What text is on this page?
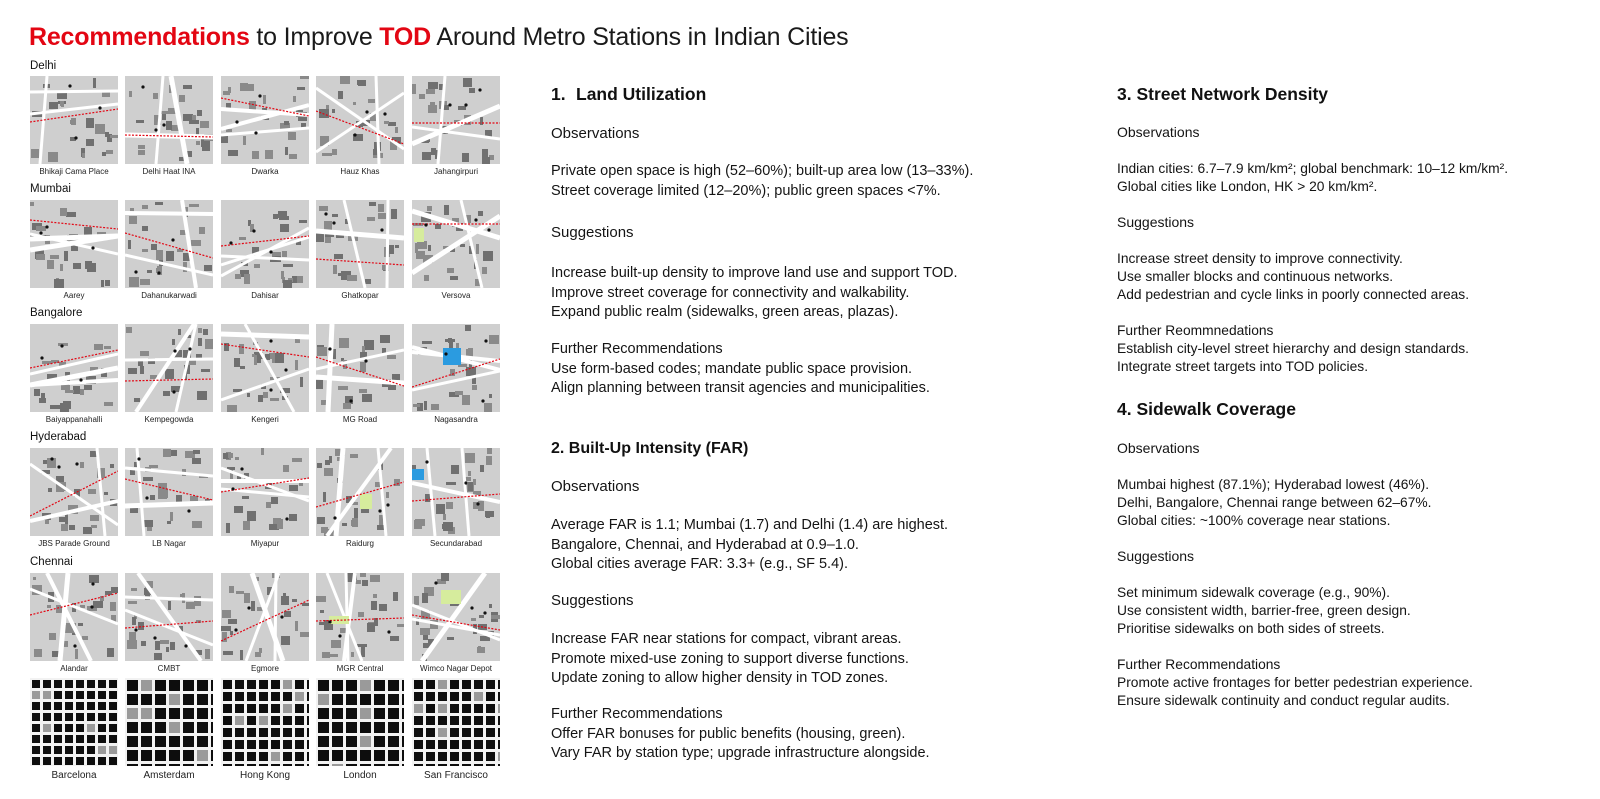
Recommendations to Improve TOD Around Metro Stations in Indian Cities
Delhi
Bhikaji Cama Place	Delhi Haat INA	Dwarka	Hauz Khas	Jahangirpuri
Mumbai
Aarey	Dahanukarwadi	Dahisar	Ghatkopar	Versova
Bangalore
Baiyappanahalli	Kempegowda	Kengeri	MG Road	Nagasandra
Hyderabad
JBS Parade Ground	LB Nagar	Miyapur	Raidurg	Secundarabad
Chennai
Alandar	CMBT	Egmore	MGR Central	Wimco Nagar Depot
Barcelona	Amsterdam	Hong Kong	London	San Francisco
1. Land Utilization
Observations
Private open space is high (52–60%); built-up area low (13–33%).
Street coverage limited (12–20%); public green spaces <7%.
Suggestions
Increase built-up density to improve land use and support TOD.
Improve street coverage for connectivity and walkability.
Expand public realm (sidewalks, green areas, plazas).
Further Recommendations
Use form-based codes; mandate public space provision.
Align planning between transit agencies and municipalities.
2. Built-Up Intensity (FAR)
Observations
Average FAR is 1.1; Mumbai (1.7) and Delhi (1.4) are highest.
Bangalore, Chennai, and Hyderabad at 0.9–1.0.
Global cities average FAR: 3.3+ (e.g., SF 5.4).
Suggestions
Increase FAR near stations for compact, vibrant areas.
Promote mixed-use zoning to support diverse functions.
Update zoning to allow higher density in TOD zones.
Further Recommendations
Offer FAR bonuses for public benefits (housing, green).
Vary FAR by station type; upgrade infrastructure alongside.
3. Street Network Density
Observations
Indian cities: 6.7–7.9 km/km²; global benchmark: 10–12 km/km².
Global cities like London, HK > 20 km/km².
Suggestions
Increase street density to improve connectivity.
Use smaller blocks and continuous networks.
Add pedestrian and cycle links in poorly connected areas.
Further Reommnedations
Establish city-level street hierarchy and design standards.
Integrate street targets into TOD policies.
4. Sidewalk Coverage
Observations
Mumbai highest (87.1%); Hyderabad lowest (46%).
Delhi, Bangalore, Chennai range between 62–67%.
Global cities: ~100% coverage near stations.
Suggestions
Set minimum sidewalk coverage (e.g., 90%).
Use consistent width, barrier-free, green design.
Prioritise sidewalks on both sides of streets.
Further Recommendations
Promote active frontages for better pedestrian experience.
Ensure sidewalk continuity and conduct regular audits.
